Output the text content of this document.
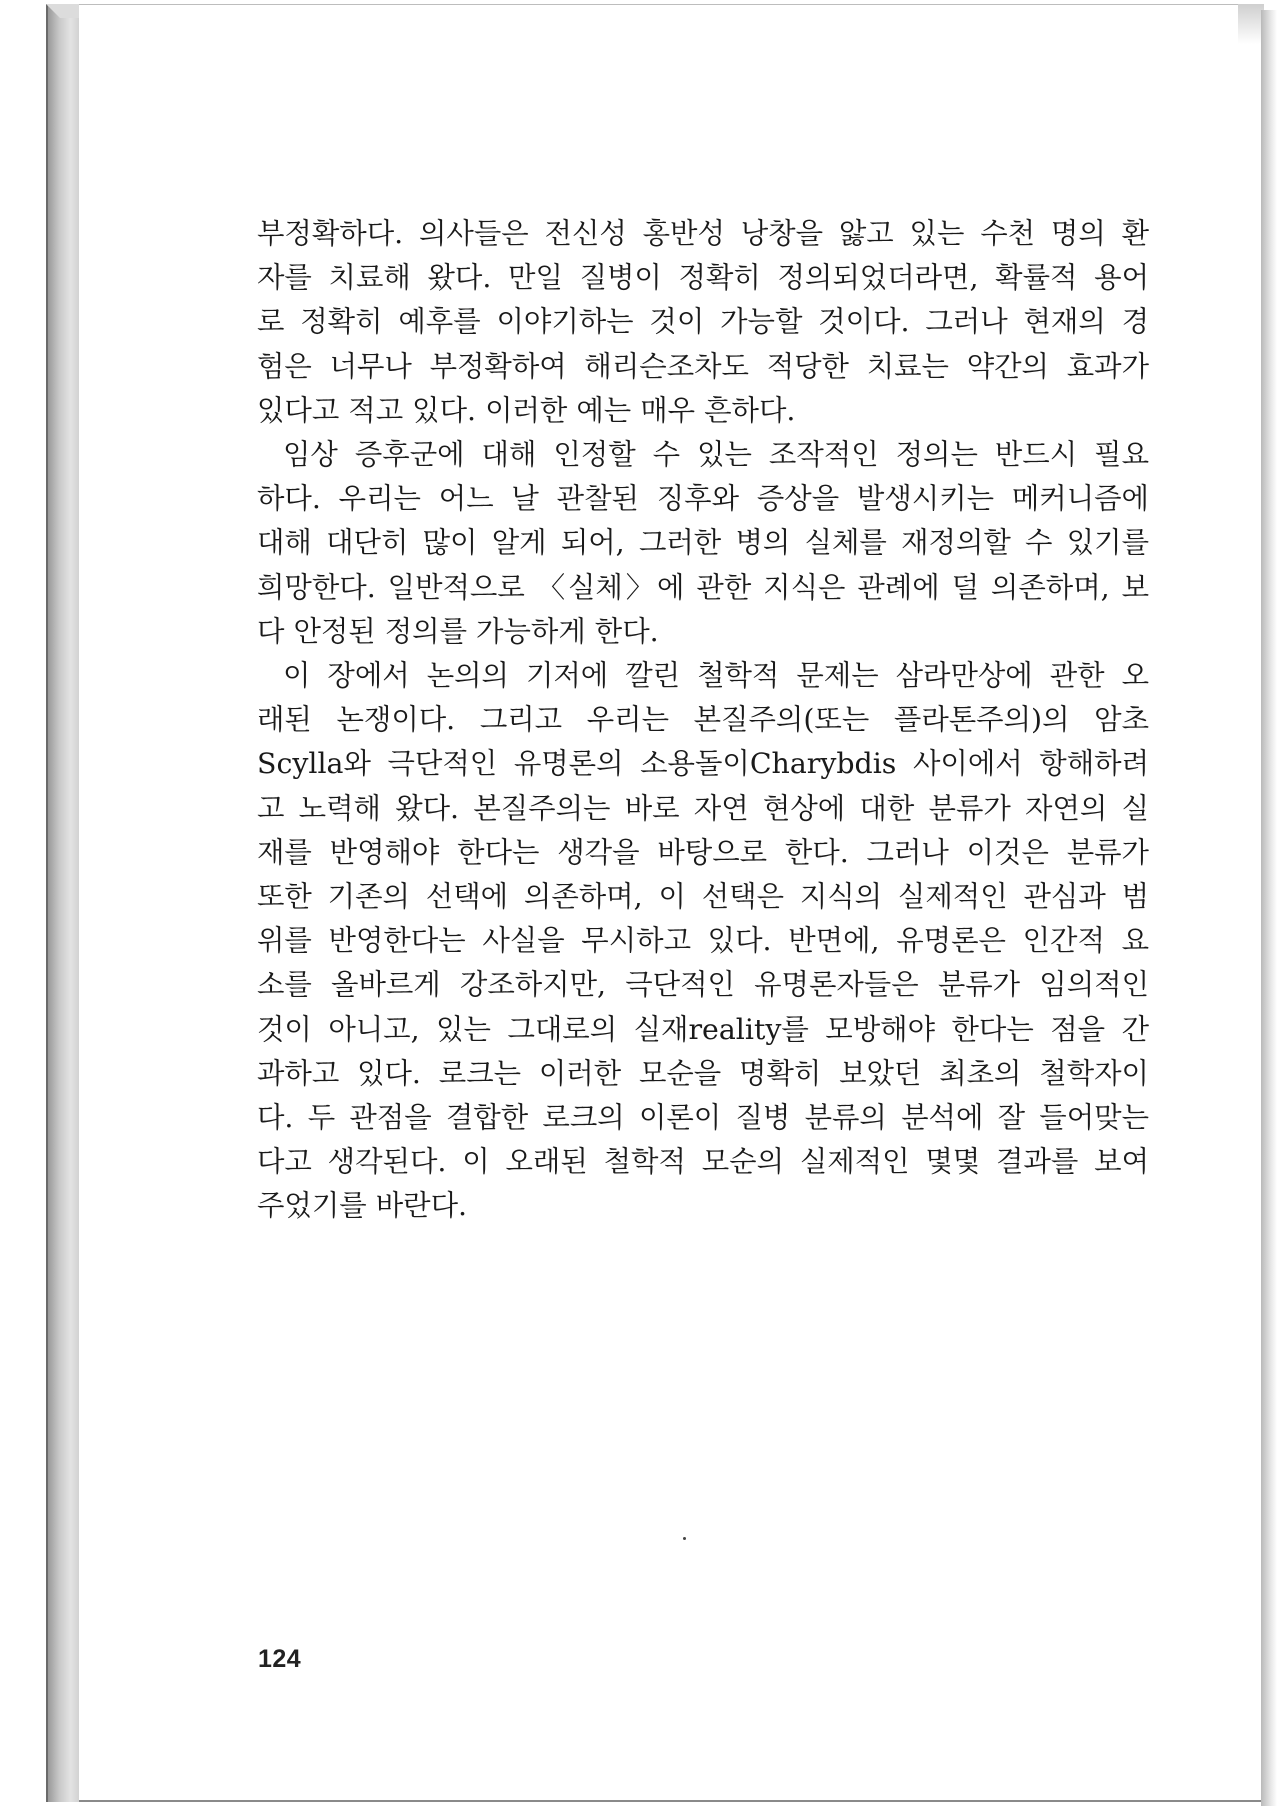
부정확하다. 의사들은 전신성 홍반성 낭창을 앓고 있는 수천 명의 환
자를 치료해 왔다. 만일 질병이 정확히 정의되었더라면, 확률적 용어
로 정확히 예후를 이야기하는 것이 가능할 것이다. 그러나 현재의 경
험은 너무나 부정확하여 해리슨조차도 적당한 치료는 약간의 효과가
있다고 적고 있다. 이러한 예는 매우 흔하다.
임상 증후군에 대해 인정할 수 있는 조작적인 정의는 반드시 필요
하다. 우리는 어느 날 관찰된 징후와 증상을 발생시키는 메커니즘에
대해 대단히 많이 알게 되어, 그러한 병의 실체를 재정의할 수 있기를
희망한다. 일반적으로 〈실체〉에 관한 지식은 관례에 덜 의존하며, 보
다 안정된 정의를 가능하게 한다.
이 장에서 논의의 기저에 깔린 철학적 문제는 삼라만상에 관한 오
래된 논쟁이다. 그리고 우리는 본질주의(또는 플라톤주의)의 암초
Scylla와 극단적인 유명론의 소용돌이Charybdis 사이에서 항해하려
고 노력해 왔다. 본질주의는 바로 자연 현상에 대한 분류가 자연의 실
재를 반영해야 한다는 생각을 바탕으로 한다. 그러나 이것은 분류가
또한 기존의 선택에 의존하며, 이 선택은 지식의 실제적인 관심과 범
위를 반영한다는 사실을 무시하고 있다. 반면에, 유명론은 인간적 요
소를 올바르게 강조하지만, 극단적인 유명론자들은 분류가 임의적인
것이 아니고, 있는 그대로의 실재reality를 모방해야 한다는 점을 간
과하고 있다. 로크는 이러한 모순을 명확히 보았던 최초의 철학자이
다. 두 관점을 결합한 로크의 이론이 질병 분류의 분석에 잘 들어맞는
다고 생각된다. 이 오래된 철학적 모순의 실제적인 몇몇 결과를 보여
주었기를 바란다.
124
